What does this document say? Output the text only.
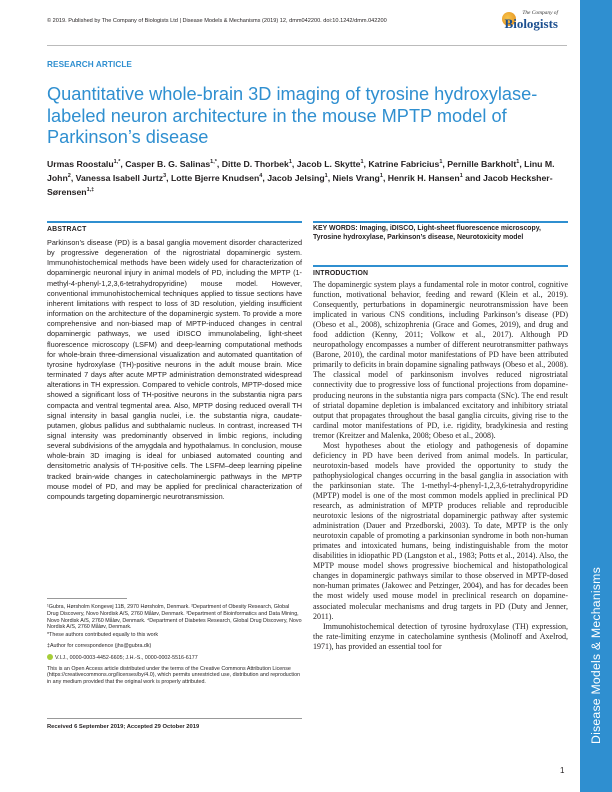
© 2019. Published by The Company of Biologists Ltd | Disease Models & Mechanisms (2019) 12, dmm042200. doi:10.1242/dmm.042200
The Company of
Biologists
Disease Models & Mechanisms
RESEARCH ARTICLE
Quantitative whole-brain 3D imaging of tyrosine hydroxylase-labeled neuron architecture in the mouse MPTP model of Parkinson’s disease
Urmas Roostalu$^{1,*}$, Casper B. G. Salinas$^{1,*}$, Ditte D. Thorbek$^1$, Jacob L. Skytte$^1$, Katrine Fabricius$^1$, Pernille Barkholt$^1$, Linu M. John$^2$, Vanessa Isabell Jurtz$^3$, Lotte Bjerre Knudsen$^4$, Jacob Jelsing$^1$, Niels Vrang$^1$, Henrik H. Hansen$^1$ and Jacob Hecksher-Sørensen$^{1,\ddagger}$
ABSTRACT

Parkinson’s disease (PD) is a basal ganglia movement disorder characterized by progressive degeneration of the nigrostriatal dopaminergic system. Immunohistochemical methods have been widely used for characterization of dopaminergic neuronal injury in animal models of PD, including the MPTP (1-methyl-4-phenyl-1,2,3,6-tetrahydropyridine) mouse model. However, conventional immunohistochemical techniques applied to tissue sections have inherent limitations with respect to loss of 3D resolution, yielding insufficient information on the architecture of the dopaminergic system. To provide a more comprehensive and non-biased map of MPTP-induced changes in central dopaminergic pathways, we used iDISCO immunolabeling, light-sheet fluorescence microscopy (LSFM) and deep-learning computational methods for whole-brain three-dimensional visualization and automated quantitation of tyrosine hydroxylase (TH)-positive neurons in the adult mouse brain. Mice terminated 7 days after acute MPTP administration demonstrated widespread alterations in TH expression. Compared to vehicle controls, MPTP-dosed mice showed a significant loss of TH-positive neurons in the substantia nigra pars compacta and ventral tegmental area. Also, MPTP dosing reduced overall TH signal intensity in basal ganglia nuclei, i.e. the substantia nigra, caudate-putamen, globus pallidus and subthalamic nucleus. In contrast, increased TH signal intensity was predominantly observed in limbic regions, including several subdivisions of the amygdala and hypothalamus. In conclusion, mouse whole-brain 3D imaging is ideal for unbiased automated counting and densitometric analysis of TH-positive cells. The LSFM–deep learning pipeline tracked brain-wide changes in catecholaminergic pathways in the MPTP mouse model of PD, and may be applied for preclinical characterization of compounds targeting dopaminergic neurotransmission.

¹Gubra, Hørsholm Kongevej 11B, 2970 Hørsholm, Denmark. ²Department of Obesity Research, Global Drug Discovery, Novo Nordisk A/S, 2760 Måløv, Denmark. ³Department of Bioinformatics and Data Mining, Novo Nordisk A/S, 2760 Måløv, Denmark. ⁴Department of Diabetes Research, Global Drug Discovery, Novo Nordisk A/S, 2760 Måløv, Denmark.

*These authors contributed equally to this work

‡Author for correspondence (jhs@gubra.dk)

V.I.J., 0000-0003-4452-6605; J.H.-S., 0000-0002-5516-6177

This is an Open Access article distributed under the terms of the Creative Commons Attribution License (https://creativecommons.org/licenses/by/4.0), which permits unrestricted use, distribution and reproduction in any medium provided that the original work is properly attributed.

Received 6 September 2019; Accepted 29 October 2019
KEY WORDS: Imaging, iDISCO, Light-sheet fluorescence microscopy, Tyrosine hydroxylase, Parkinson’s disease, Neurotoxicity model
INTRODUCTION

The dopaminergic system plays a fundamental role in motor control, cognitive function, motivational behavior, feeding and reward (Klein et al., 2019). Consequently, perturbations in dopaminergic neurotransmission have been implicated in various CNS conditions, including Parkinson’s disease (PD) (Obeso et al., 2008), schizophrenia (Grace and Gomes, 2019), and drug and food addiction (Kenny, 2011; Volkow et al., 2017). Although PD neuropathology encompasses a number of different neurotransmitter pathways (Barone, 2010), the cardinal motor manifestations of PD have been attributed primarily to deficits in brain dopamine signaling pathways (Obeso et al., 2008). The classical model of parkinsonism involves reduced nigrostriatal connectivity due to progressive loss of functional projections from dopamine-producing neurons in the substantia nigra pars compacta (SNc). The end result of striatal dopamine depletion is imbalanced excitatory and inhibitory striatal output that propagates throughout the basal ganglia circuits, giving rise to the cardinal motor manifestations of PD, i.e. rigidity, bradykinesia and resting tremor (Kreitzer and Malenka, 2008; Obeso et al., 2008).

Most hypotheses about the etiology and pathogenesis of dopamine deficiency in PD have been derived from animal models. In particular, neurotoxin-based models have provided the opportunity to study the pathophysiological changes occurring in the basal ganglia in association with the parkinsonian state. The 1-methyl-4-phenyl-1,2,3,6-tetrahydropyridine (MPTP) model is one of the most common models applied in preclinical PD research, as administration of MPTP produces reliable and reproducible neurotoxic lesions of the nigrostriatal dopaminergic pathway after systemic administration (Dauer and Przedborski, 2003). To date, MPTP is the only neurotoxin capable of promoting a parkinsonian syndrome in both non-human primates and intoxicated humans, being indistinguishable from the motor disabilities in idiopathic PD (Langston et al., 1983; Potts et al., 2014). Also, the MPTP mouse model shows progressive biochemical and histopathological changes in dopaminergic pathways similar to those observed in MPTP-dosed non-human primates (Jakowec and Petzinger, 2004), and has for decades been the most widely used mouse model in preclinical research on dopamine-associated molecular mechanisms and drug targets in PD (Duty and Jenner, 2011).

Immunohistochemical detection of tyrosine hydroxylase (TH) expression, the rate-limiting enzyme in catecholamine synthesis (Molinoff and Axelrod, 1971), has provided an essential tool for

1
